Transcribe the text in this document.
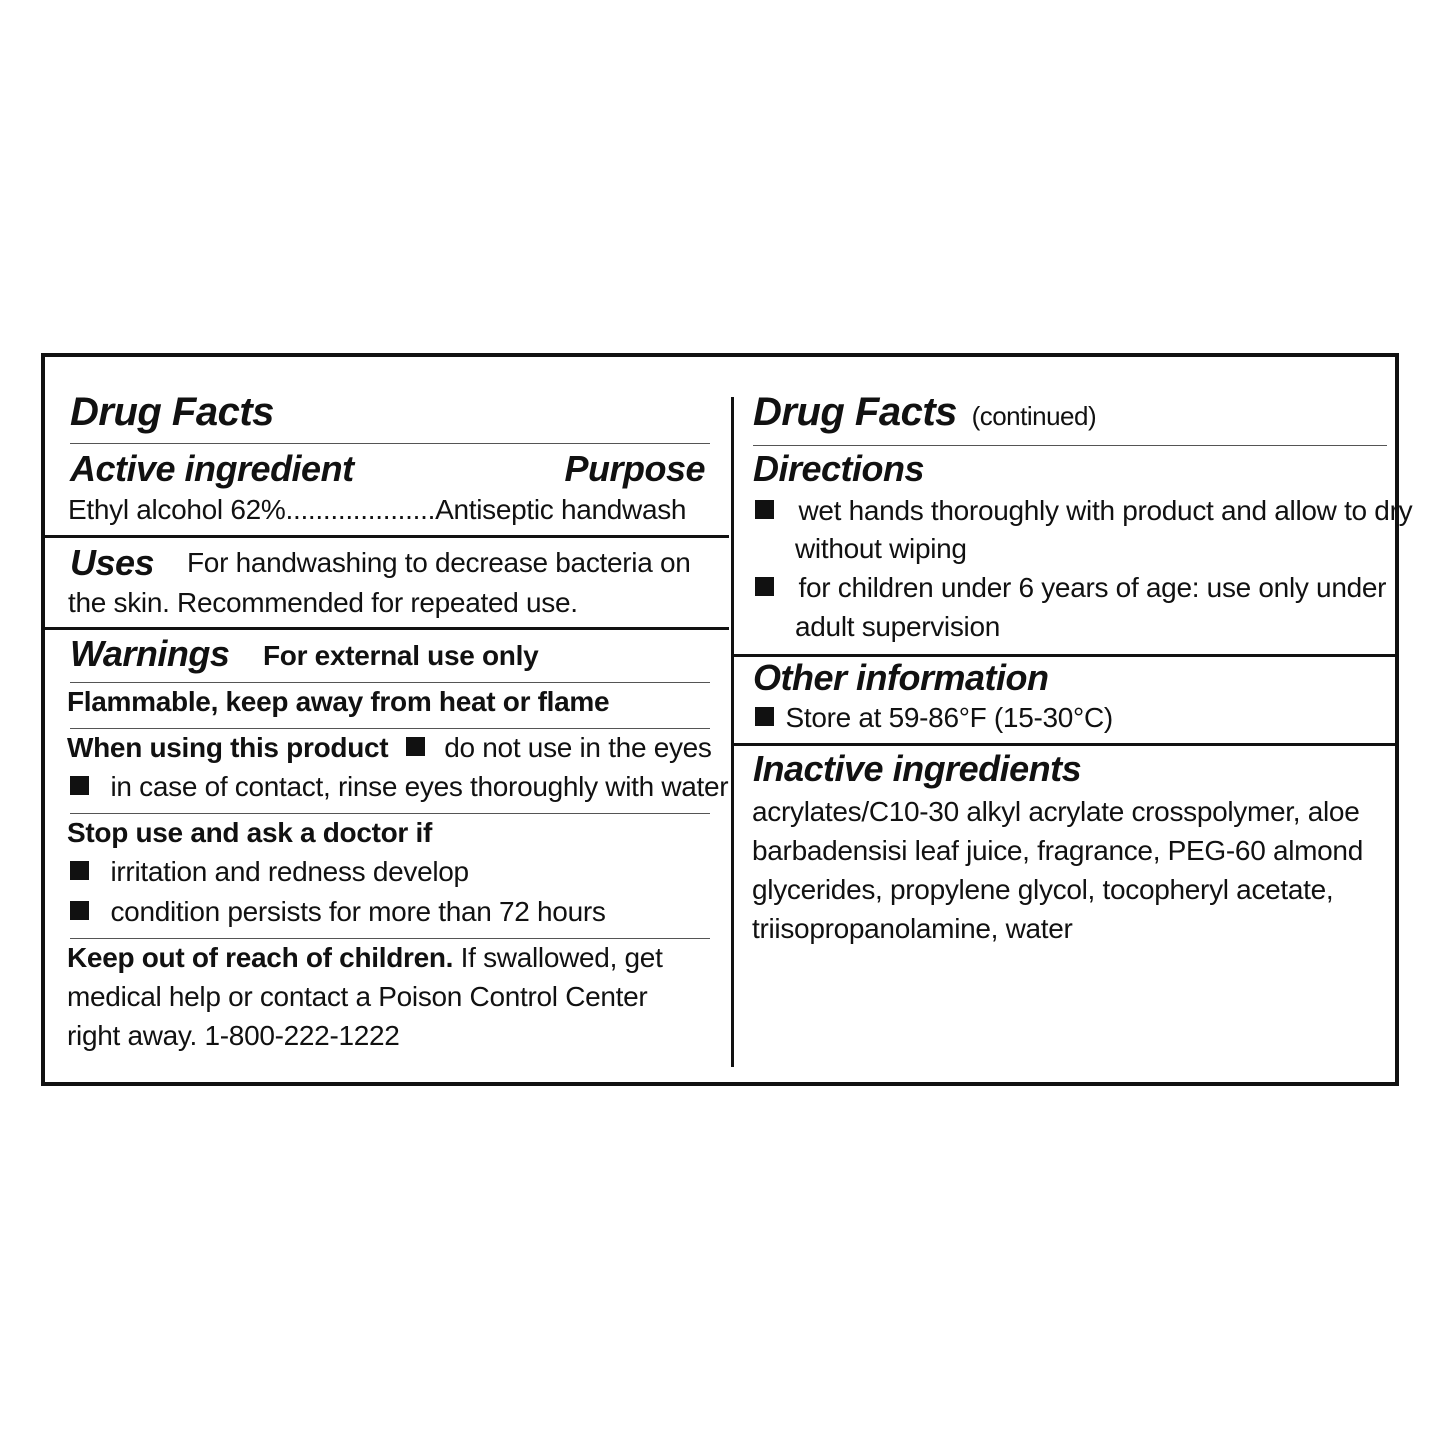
Drug Facts
Active ingredient	Purpose
Ethyl alcohol 62%....................Antiseptic handwash
Uses For handwashing to decrease bacteria on
the skin. Recommended for repeated use.
Warnings For external use only
Flammable, keep away from heat or flame
When using this product do not use in the eyes
in case of contact, rinse eyes thoroughly with water
Stop use and ask a doctor if
irritation and redness develop
condition persists for more than 72 hours
Keep out of reach of children. If swallowed, get
medical help or contact a Poison Control Center
right away. 1-800-222-1222
Drug Facts (continued)
Directions
wet hands thoroughly with product and allow to dry
without wiping
for children under 6 years of age: use only under
adult supervision
Other information
Store at 59-86°F (15-30°C)
Inactive ingredients
acrylates/C10-30 alkyl acrylate crosspolymer, aloe
barbadensisi leaf juice, fragrance, PEG-60 almond
glycerides, propylene glycol, tocopheryl acetate,
triisopropanolamine, water
